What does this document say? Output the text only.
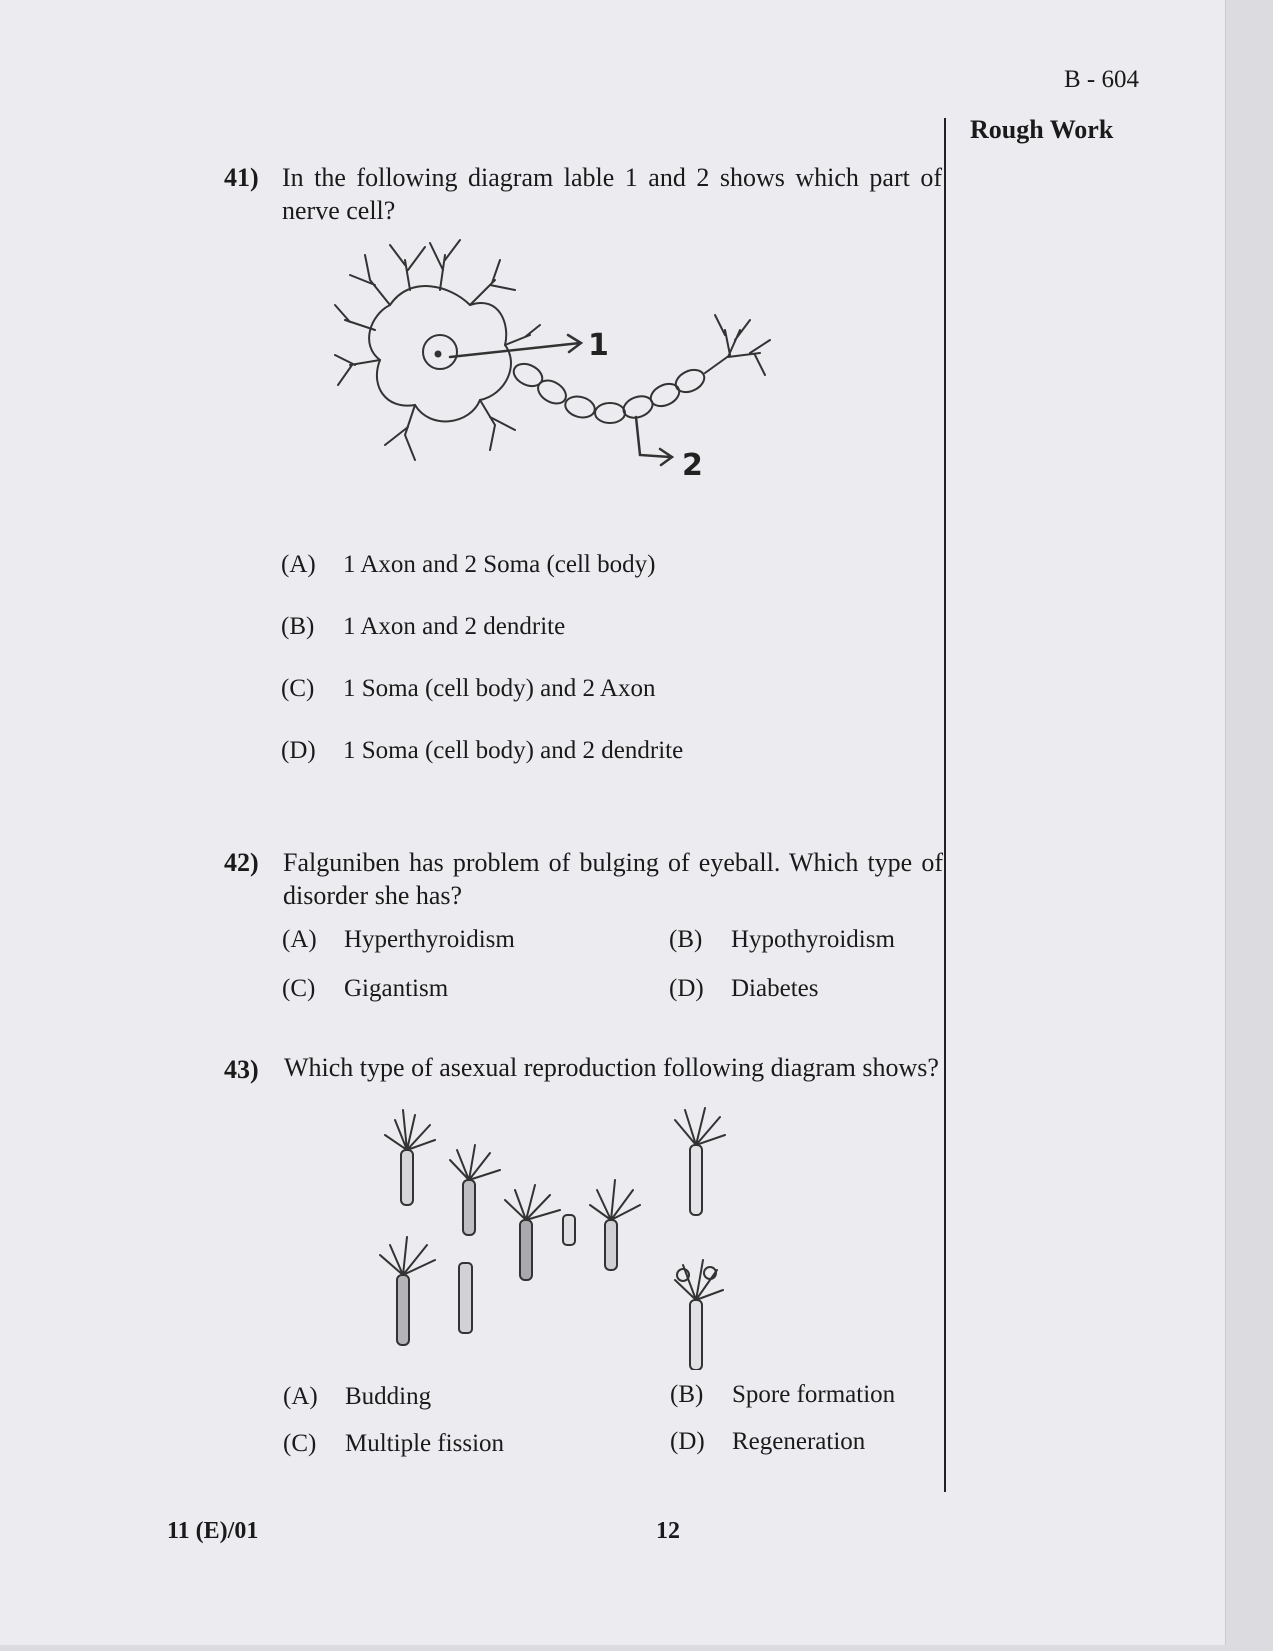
B - 604
Rough Work
41) In the following diagram lable 1 and 2 shows which part of nerve cell?
1
2
(A) 1 Axon and 2 Soma (cell body)
(B) 1 Axon and 2 dendrite
(C) 1 Soma (cell body) and 2 Axon
(D) 1 Soma (cell body) and 2 dendrite
42) Falguniben has problem of bulging of eyeball. Which type of disorder she has?
(A) Hyperthyroidism	(B) Hypothyroidism
(C) Gigantism	(D) Diabetes
43) Which type of asexual reproduction following diagram shows?
(A) Budding	(B) Spore formation
(C) Multiple fission	(D) Regeneration
11 (E)/01	12
